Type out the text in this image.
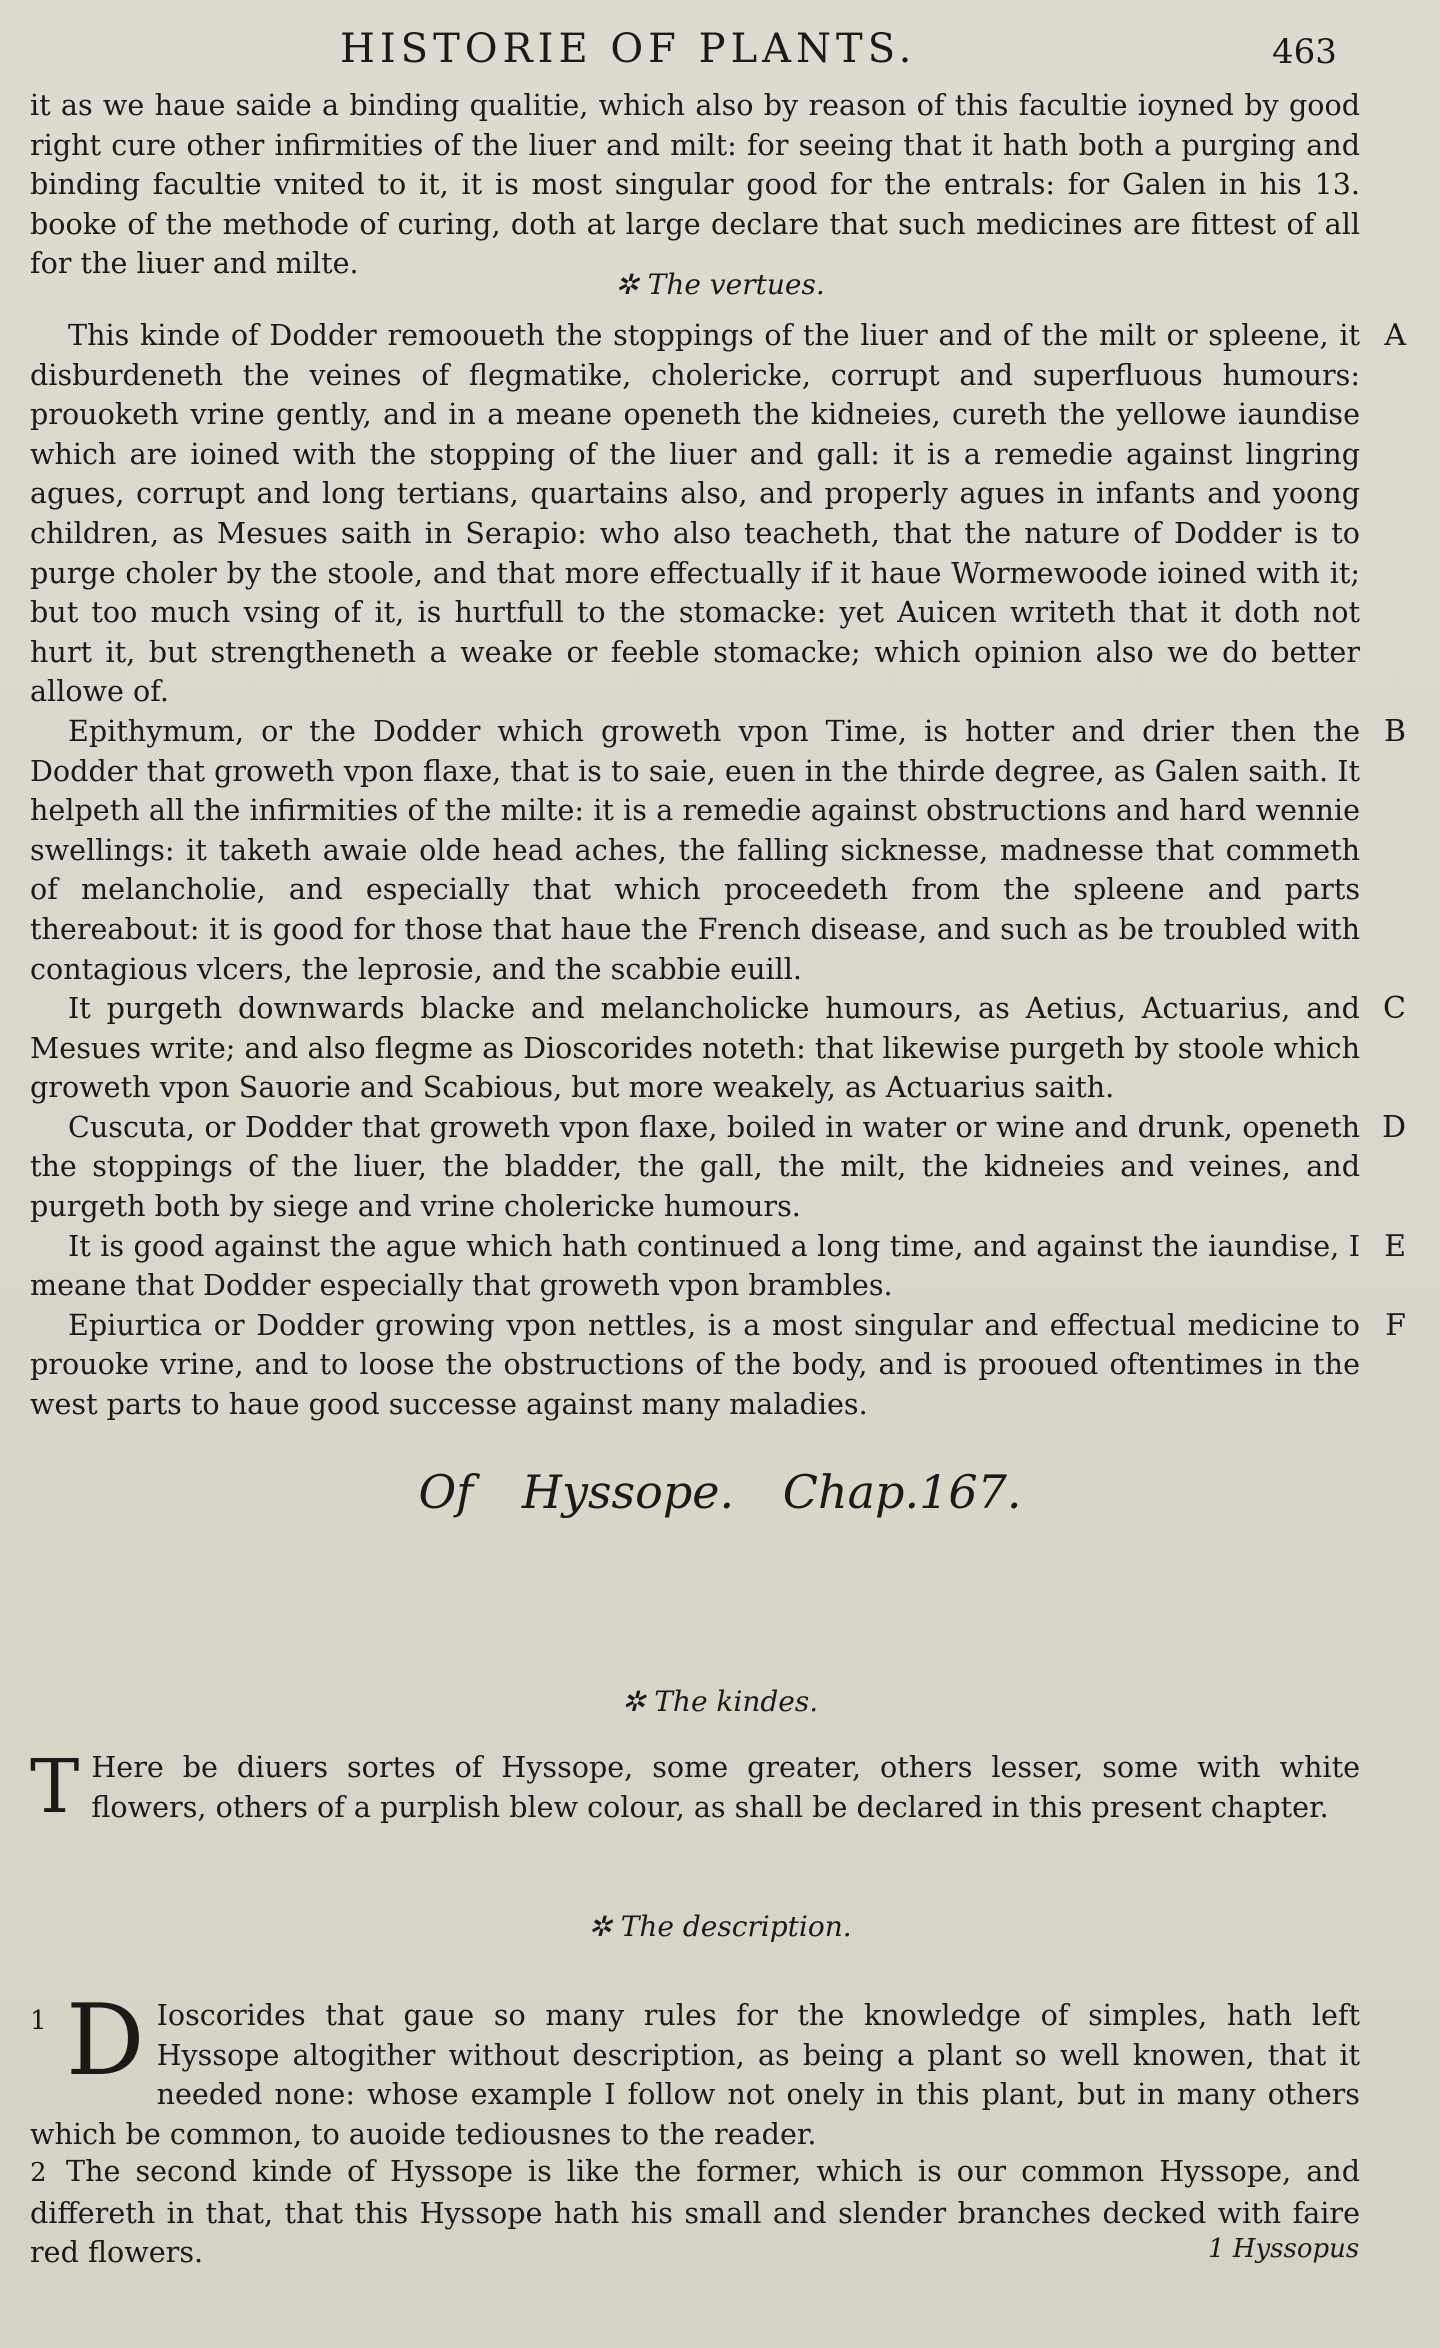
HISTORIE OF PLANTS.	463

it as we haue saide a binding qualitie, which also by reason of this facultie ioyned by good right cure other infirmities of the liuer and milt: for seeing that it hath both a purging and binding facultie vnited to it, it is most singular good for the entrals: for Galen in his 13. booke of the methode of curing, doth at large declare that such medicines are fittest of all for the liuer and milte.

✲ The vertues.

This kinde of Dodder remooueth the stoppings of the liuer and of the milt or spleene, it disburdeneth the veines of flegmatike, cholericke, corrupt and superfluous humours: prouoketh vrine gently, and in a meane openeth the kidneies, cureth the yellowe iaundise which are ioined with the stopping of the liuer and gall: it is a remedie against lingring agues, corrupt and long tertians, quartains also, and properly agues in infants and yoong children, as Mesues saith in Serapio: who also teacheth, that the nature of Dodder is to purge choler by the stoole, and that more effectually if it haue Wormewoode ioined with it; but too much vsing of it, is hurtfull to the stomacke: yet Auicen writeth that it doth not hurt it, but strengtheneth a weake or feeble stomacke; which opinion also we do better allowe of.

A

Epithymum, or the Dodder which groweth vpon Time, is hotter and drier then the Dodder that groweth vpon flaxe, that is to saie, euen in the thirde degree, as Galen saith. It helpeth all the infirmities of the milte: it is a remedie against obstructions and hard wennie swellings: it taketh awaie olde head aches, the falling sicknesse, madnesse that commeth of melancholie, and especially that which proceedeth from the spleene and parts thereabout: it is good for those that haue the French disease, and such as be troubled with contagious vlcers, the leprosie, and the scabbie euill.

B

It purgeth downwards blacke and melancholicke humours, as Aetius, Actuarius, and Mesues write; and also flegme as Dioscorides noteth: that likewise purgeth by stoole which groweth vpon Sauorie and Scabious, but more weakely, as Actuarius saith.

C

Cuscuta, or Dodder that groweth vpon flaxe, boiled in water or wine and drunk, openeth the stoppings of the liuer, the bladder, the gall, the milt, the kidneies and veines, and purgeth both by siege and vrine cholericke humours.

D

It is good against the ague which hath continued a long time, and against the iaundise, I meane that Dodder especially that groweth vpon brambles.

E

Epiurtica or Dodder growing vpon nettles, is a most singular and effectual medicine to prouoke vrine, and to loose the obstructions of the body, and is prooued oftentimes in the west parts to haue good successe against many maladies.

F
Of Hyssope. Chap.167.
✲ The kindes.
T Here be diuers sortes of Hyssope, some greater, others lesser, some with white flowers, others of a purplish blew colour, as shall be declared in this present chapter.

✲ The description.
1 D Ioscorides that gaue so many rules for the knowledge of simples, hath left Hyssope altogither without description, as being a plant so well knowen, that it needed none: whose example I follow not onely in this plant, but in many others which be common, to auoide tediousnes to the reader.

2 The second kinde of Hyssope is like the former, which is our common Hyssope, and differeth in that, that this Hyssope hath his small and slender branches decked with faire red flowers.	1 Hyssopus
